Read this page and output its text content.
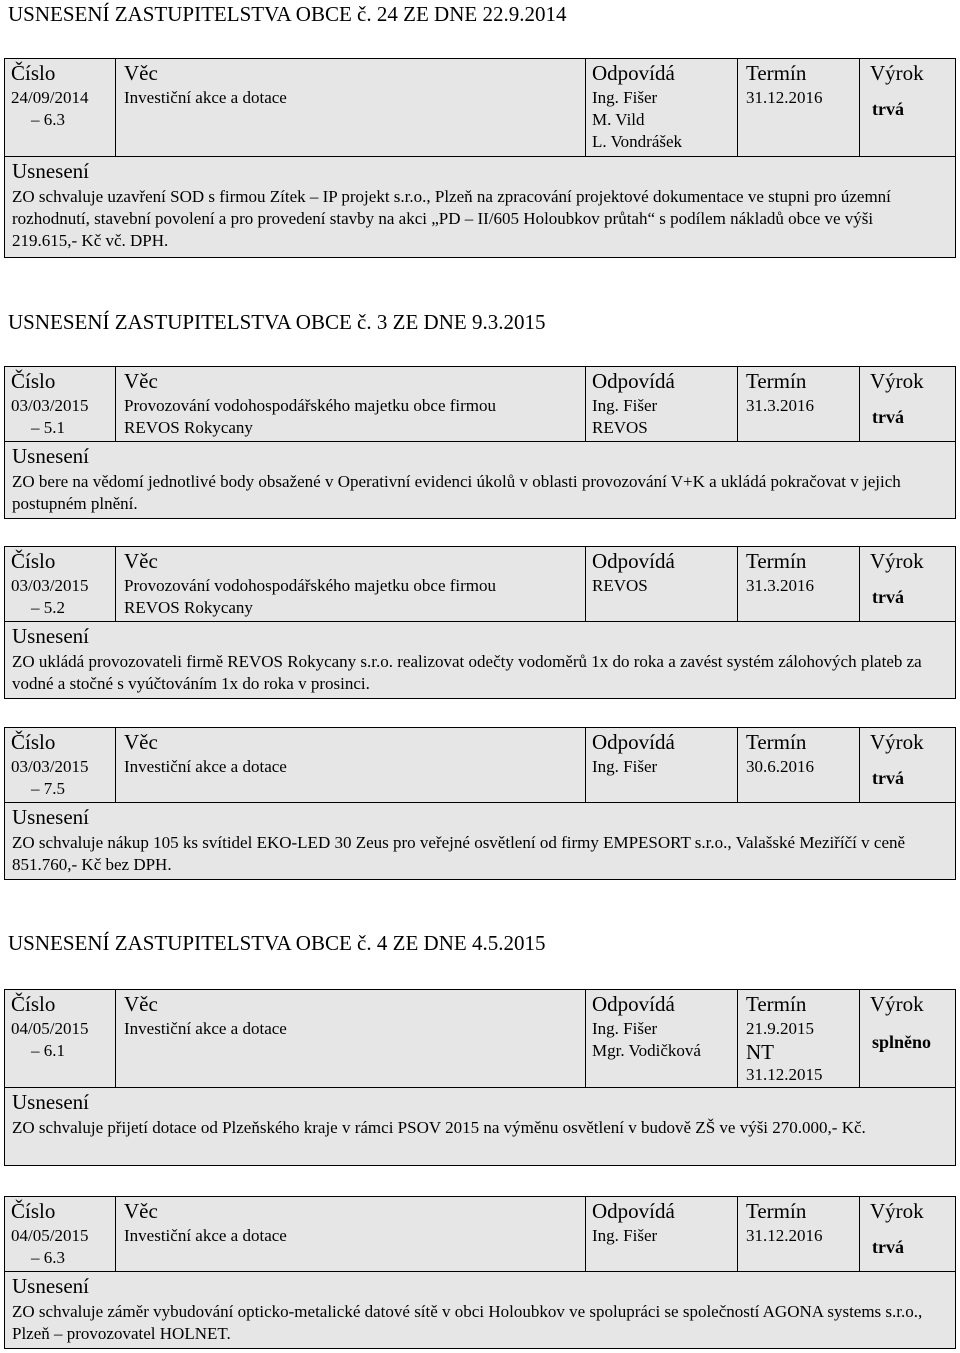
USNESENÍ ZASTUPITELSTVA OBCE č. 24 ZE DNE 22.9.2014
Číslo
24/09/2014
– 6.3
Věc
Investiční akce a dotace
Odpovídá
Ing. Fišer
M. Vild
L. Vondrášek
Termín
31.12.2016
Výrok
trvá
Usnesení
ZO schvaluje uzavření SOD s firmou Zítek – IP projekt s.r.o., Plzeň na zpracování projektové dokumentace ve stupni pro územní rozhodnutí, stavební povolení a pro provedení stavby na akci „PD – II/605 Holoubkov průtah“ s podílem nákladů obce ve výši 219.615,- Kč vč. DPH.
USNESENÍ ZASTUPITELSTVA OBCE č. 3 ZE DNE 9.3.2015
Číslo
03/03/2015
– 5.1
Věc
Provozování vodohospodářského majetku obce firmou
REVOS Rokycany
Odpovídá
Ing. Fišer
REVOS
Termín
31.3.2016
Výrok
trvá
Usnesení
ZO bere na vědomí jednotlivé body obsažené v Operativní evidenci úkolů v oblasti provozování V+K a ukládá pokračovat v jejich postupném plnění.
Číslo
03/03/2015
– 5.2
Věc
Provozování vodohospodářského majetku obce firmou
REVOS Rokycany
Odpovídá
REVOS
Termín
31.3.2016
Výrok
trvá
Usnesení
ZO ukládá provozovateli firmě REVOS Rokycany s.r.o. realizovat odečty vodoměrů 1x do roka a zavést systém zálohových plateb za vodné a stočné s vyúčtováním 1x do roka v prosinci.
Číslo
03/03/2015
– 7.5
Věc
Investiční akce a dotace
Odpovídá
Ing. Fišer
Termín
30.6.2016
Výrok
trvá
Usnesení
ZO schvaluje nákup 105 ks svítidel EKO-LED 30 Zeus pro veřejné osvětlení od firmy EMPESORT s.r.o., Valašské Meziříčí v ceně 851.760,- Kč bez DPH.
USNESENÍ ZASTUPITELSTVA OBCE č. 4 ZE DNE 4.5.2015
Číslo
04/05/2015
– 6.1
Věc
Investiční akce a dotace
Odpovídá
Ing. Fišer
Mgr. Vodičková
Termín
21.9.2015
NT
31.12.2015
Výrok
splněno
Usnesení
ZO schvaluje přijetí dotace od Plzeňského kraje v rámci PSOV 2015 na výměnu osvětlení v budově ZŠ ve výši 270.000,- Kč.
Číslo
04/05/2015
– 6.3
Věc
Investiční akce a dotace
Odpovídá
Ing. Fišer
Termín
31.12.2016
Výrok
trvá
Usnesení
ZO schvaluje záměr vybudování opticko-metalické datové sítě v obci Holoubkov ve spolupráci se společností AGONA systems s.r.o., Plzeň – provozovatel HOLNET.
